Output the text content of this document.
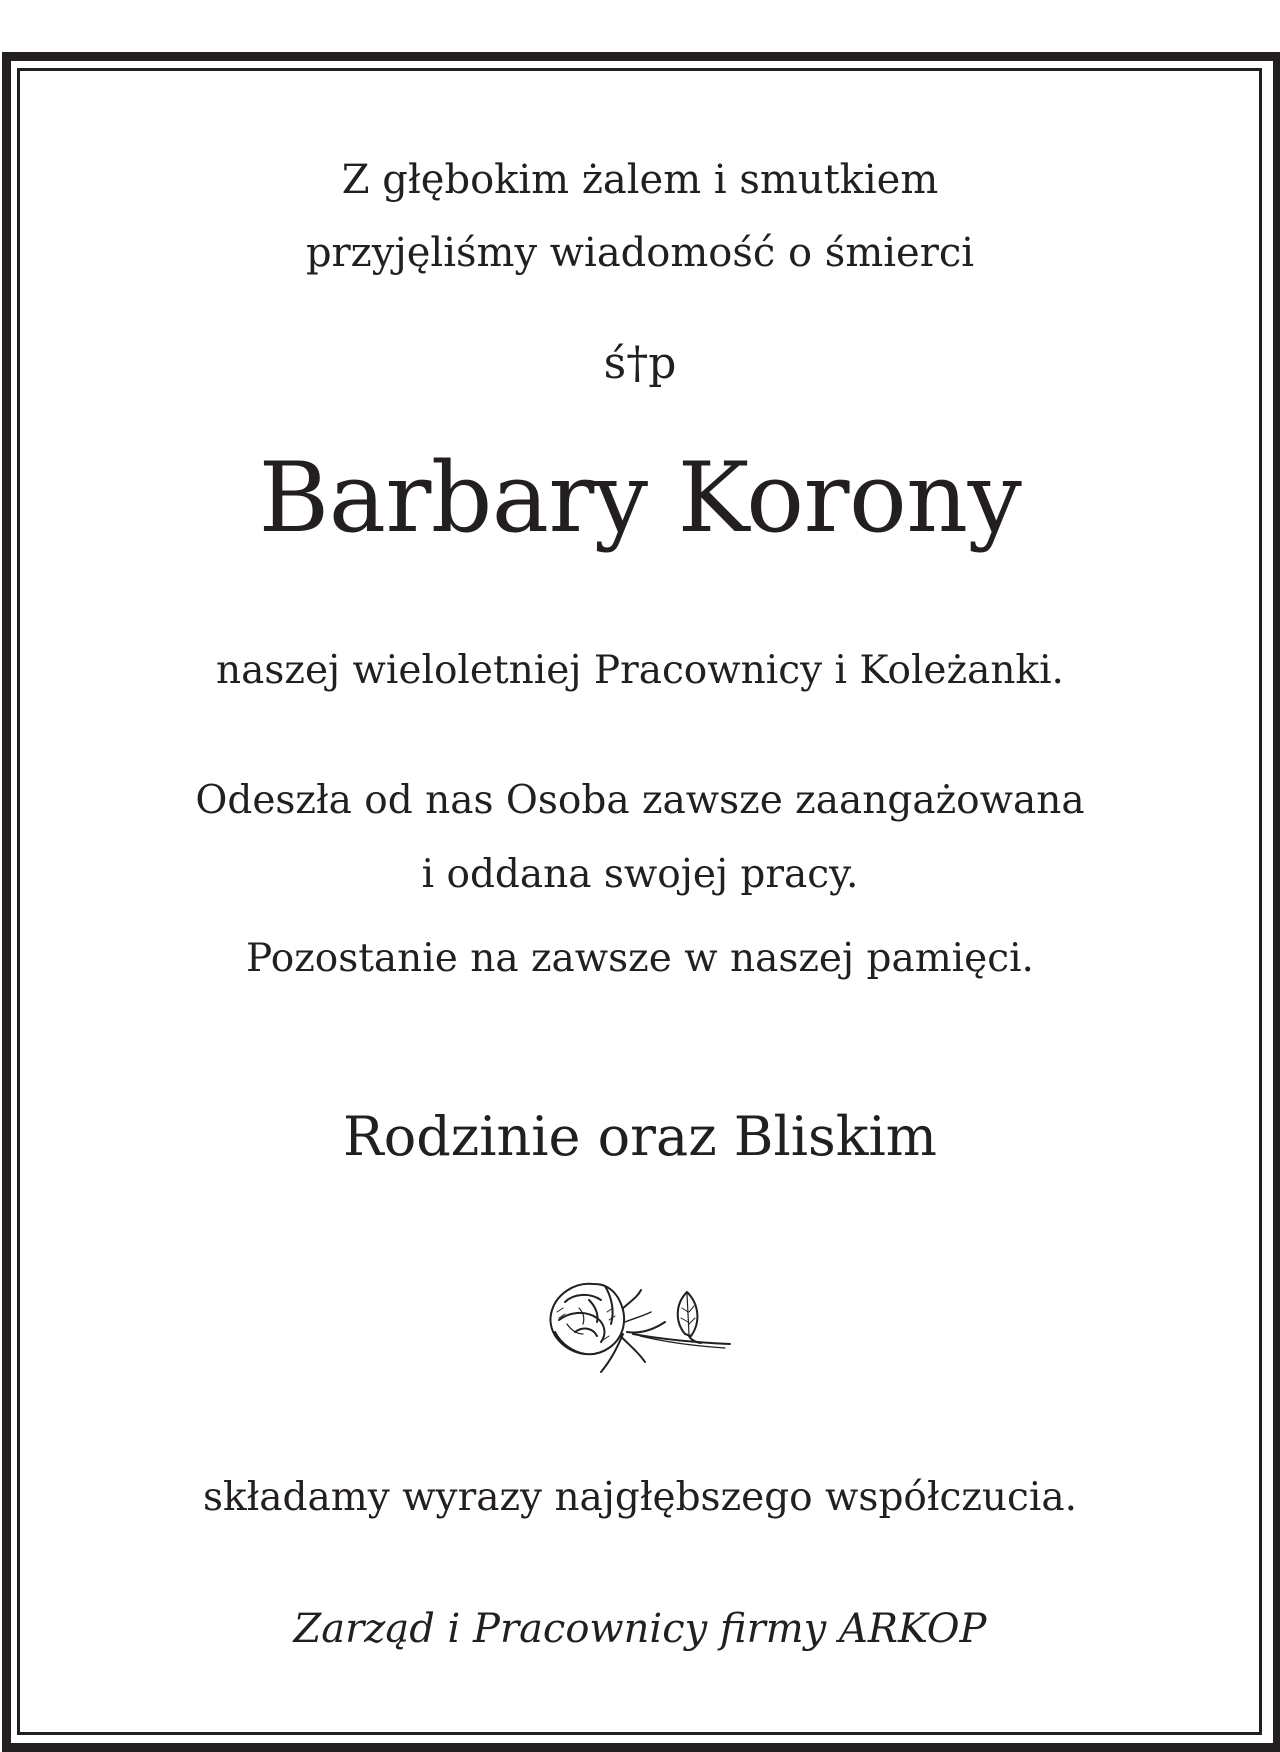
Z głębokim żalem i smutkiem

przyjęliśmy wiadomość o śmierci

ś†p

Barbary Korony

naszej wieloletniej Pracownicy i Koleżanki.

Odeszła od nas Osoba zawsze zaangażowana

i oddana swojej pracy.

Pozostanie na zawsze w naszej pamięci.

Rodzinie oraz Bliskim

składamy wyrazy najgłębszego współczucia.

Zarząd i Pracownicy firmy ARKOP
